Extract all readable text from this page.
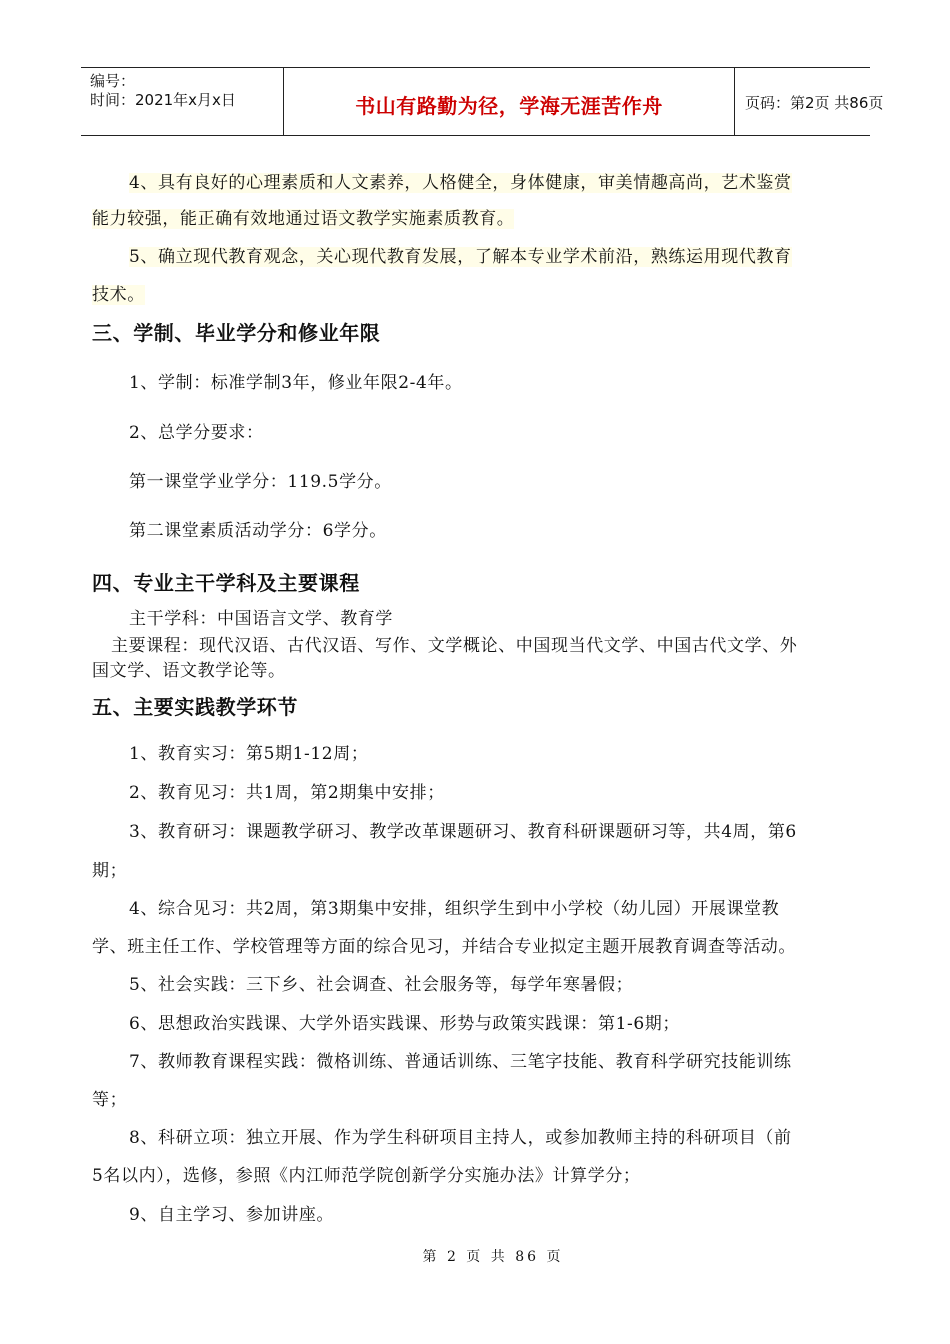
编号：
时间：2021年x月x日	书山有路勤为径，学海无涯苦作舟	页码：第2页 共86页
4、具有良好的心理素质和人文素养，人格健全，身体健康，审美情趣高尚，艺术鉴赏
能力较强，能正确有效地通过语文教学实施素质教育。
5、确立现代教育观念，关心现代教育发展，了解本专业学术前沿，熟练运用现代教育
技术。
三、学制、毕业学分和修业年限
1、学制：标准学制3年，修业年限2-4年。
2、总学分要求：
第一课堂学业学分：119.5学分。
第二课堂素质活动学分：6学分。
四、专业主干学科及主要课程
主干学科：中国语言文学、教育学
主要课程：现代汉语、古代汉语、写作、文学概论、中国现当代文学、中国古代文学、外
国文学、语文教学论等。
五、主要实践教学环节
1、教育实习：第5期1-12周；
2、教育见习：共1周，第2期集中安排；
3、教育研习：课题教学研习、教学改革课题研习、教育科研课题研习等，共4周，第6
期；
4、综合见习：共2周，第3期集中安排，组织学生到中小学校（幼儿园）开展课堂教
学、班主任工作、学校管理等方面的综合见习，并结合专业拟定主题开展教育调查等活动。
5、社会实践：三下乡、社会调查、社会服务等，每学年寒暑假；
6、思想政治实践课、大学外语实践课、形势与政策实践课：第1-6期；
7、教师教育课程实践：微格训练、普通话训练、三笔字技能、教育科学研究技能训练
等；
8、科研立项：独立开展、作为学生科研项目主持人，或参加教师主持的科研项目（前
5名以内），选修，参照《内江师范学院创新学分实施办法》计算学分；
9、自主学习、参加讲座。
第 2 页 共 86 页
